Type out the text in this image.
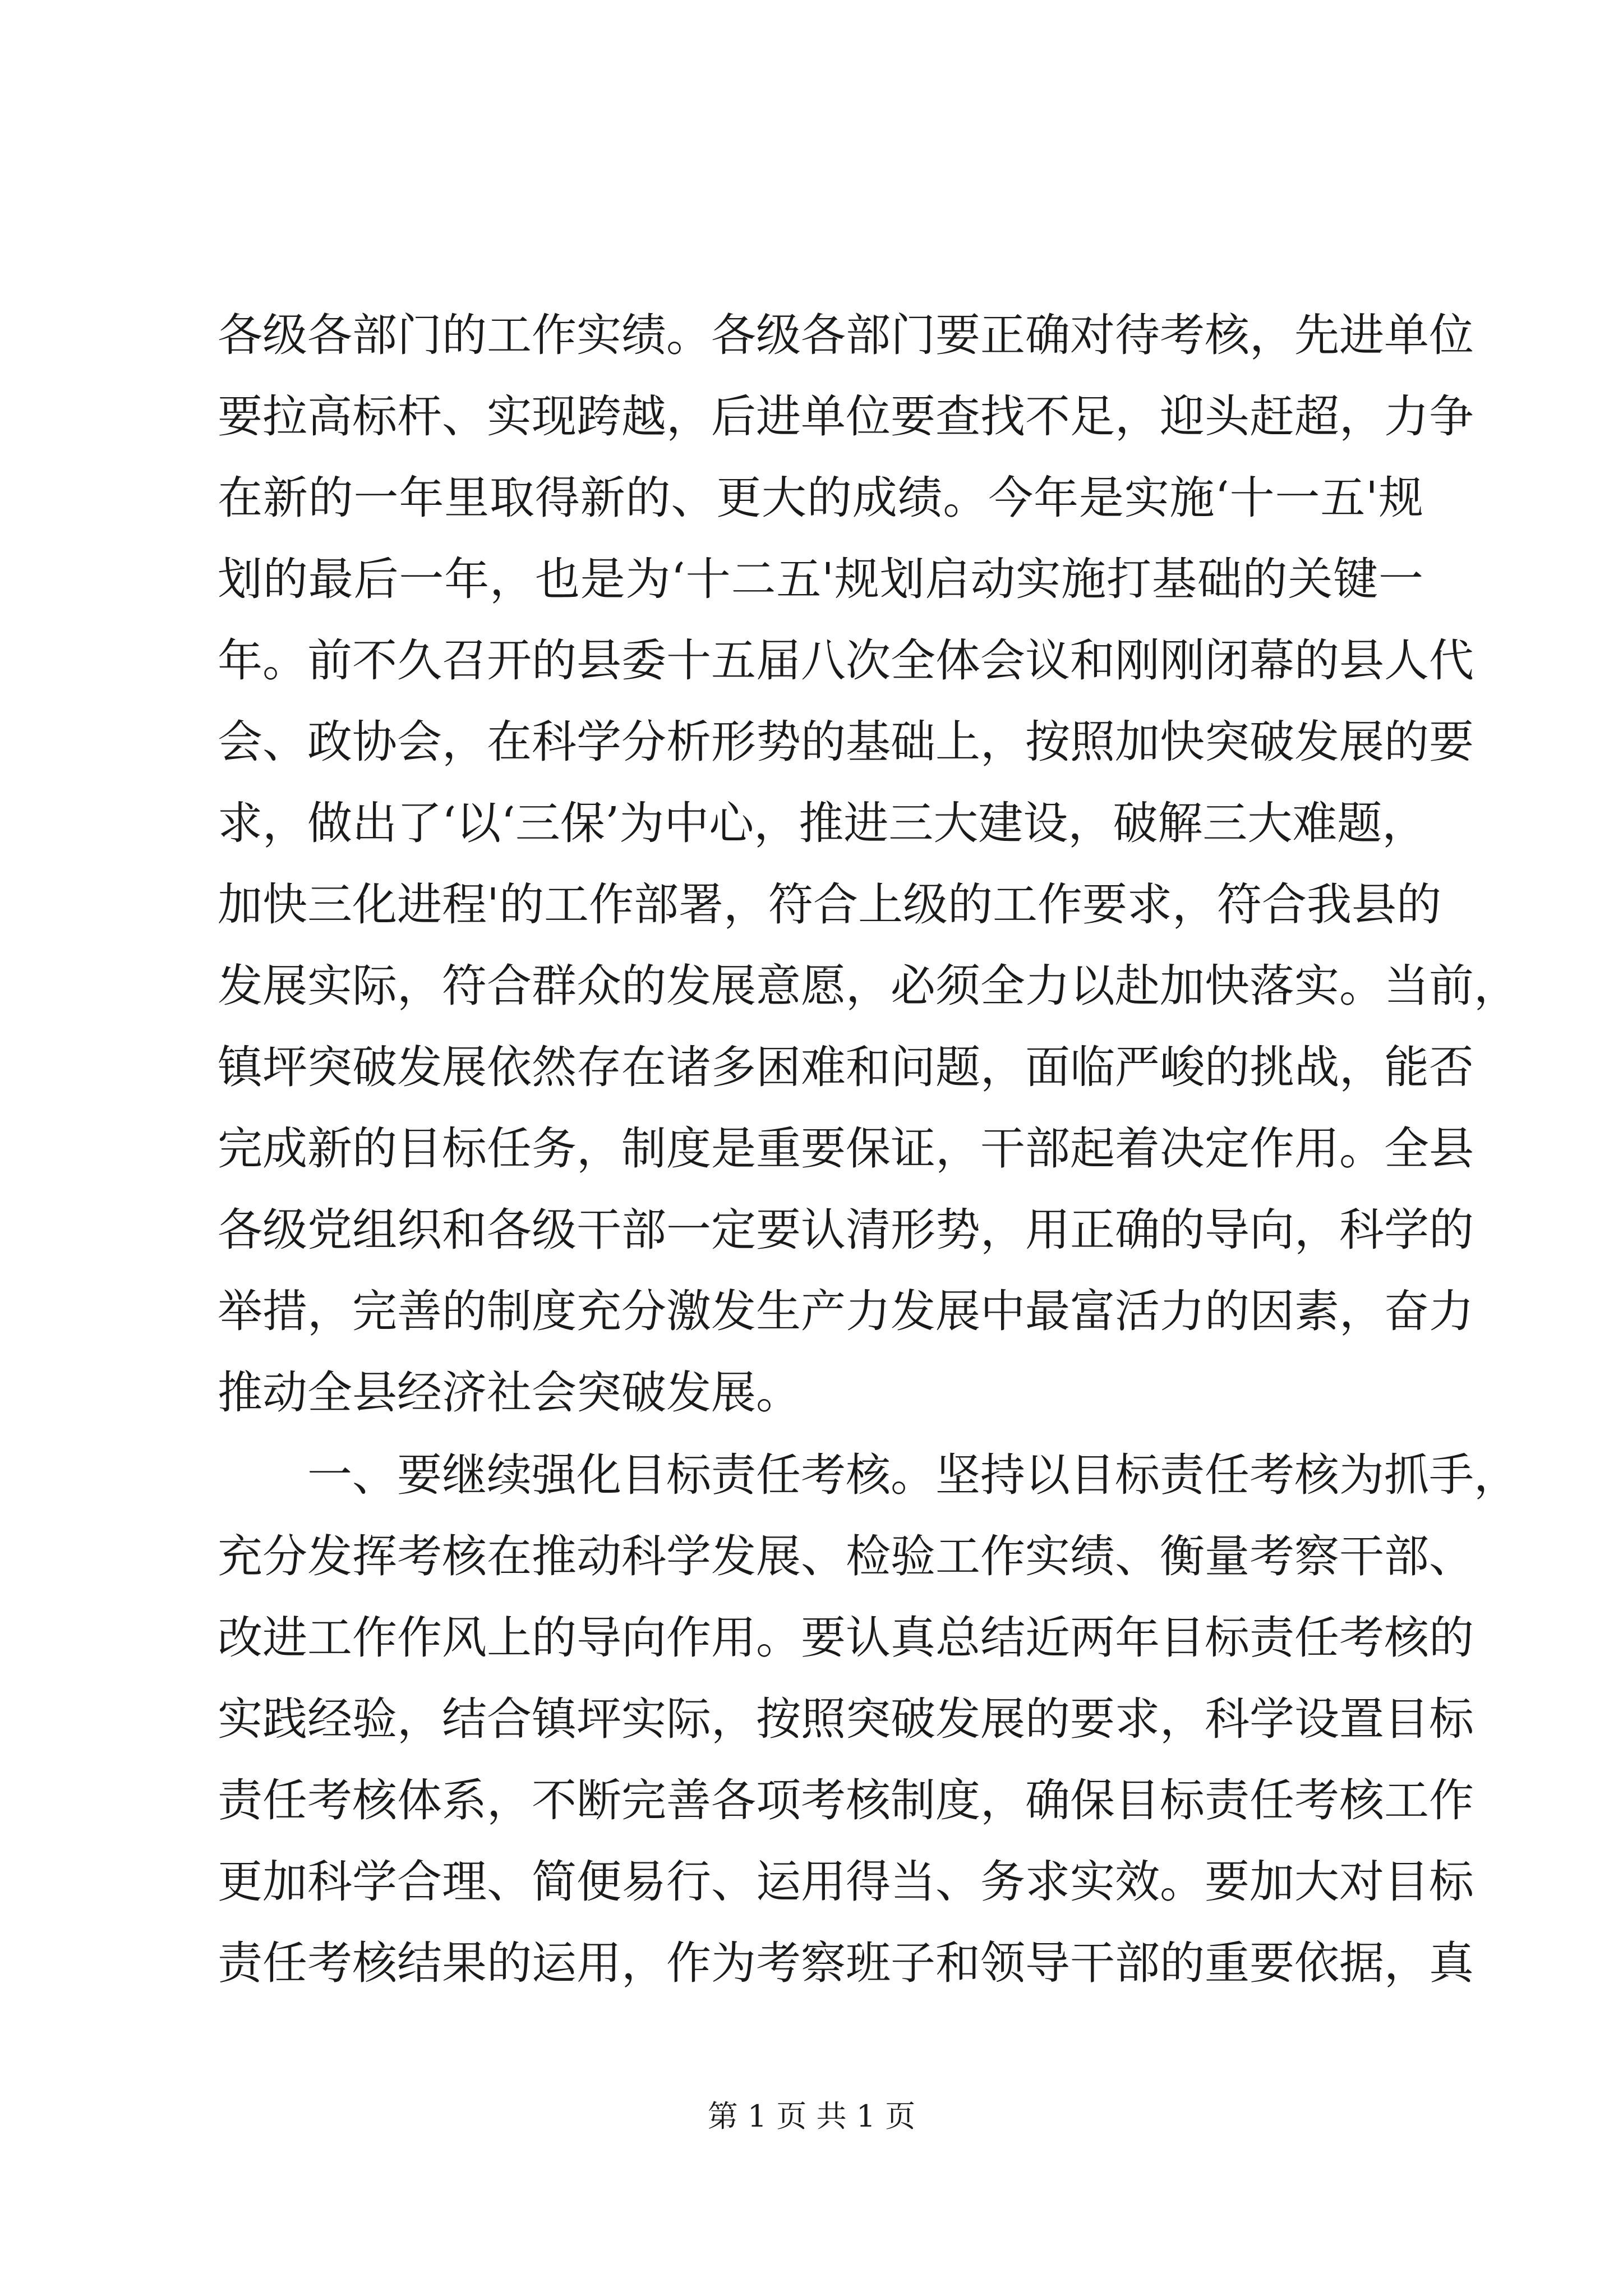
各级各部门的工作实绩。各级各部门要正确对待考核，先进单位
要拉高标杆、实现跨越，后进单位要查找不足，迎头赶超，力争
在新的一年里取得新的、更大的成绩。今年是实施‘十一五'规
划的最后一年，也是为‘十二五'规划启动实施打基础的关键一
年。前不久召开的县委十五届八次全体会议和刚刚闭幕的县人代
会、政协会，在科学分析形势的基础上，按照加快突破发展的要
求，做出了‘以‘三保’为中心，推进三大建设，破解三大难题，
加快三化进程'的工作部署，符合上级的工作要求，符合我县的
发展实际，符合群众的发展意愿，必须全力以赴加快落实。当前，
镇坪突破发展依然存在诸多困难和问题，面临严峻的挑战，能否
完成新的目标任务，制度是重要保证，干部起着决定作用。全县
各级党组织和各级干部一定要认清形势，用正确的导向，科学的
举措，完善的制度充分激发生产力发展中最富活力的因素，奋力
推动全县经济社会突破发展。
一、要继续强化目标责任考核。坚持以目标责任考核为抓手，
充分发挥考核在推动科学发展、检验工作实绩、衡量考察干部、
改进工作作风上的导向作用。要认真总结近两年目标责任考核的
实践经验，结合镇坪实际，按照突破发展的要求，科学设置目标
责任考核体系，不断完善各项考核制度，确保目标责任考核工作
更加科学合理、简便易行、运用得当、务求实效。要加大对目标
责任考核结果的运用，作为考察班子和领导干部的重要依据，真
第 1 页 共 1 页
